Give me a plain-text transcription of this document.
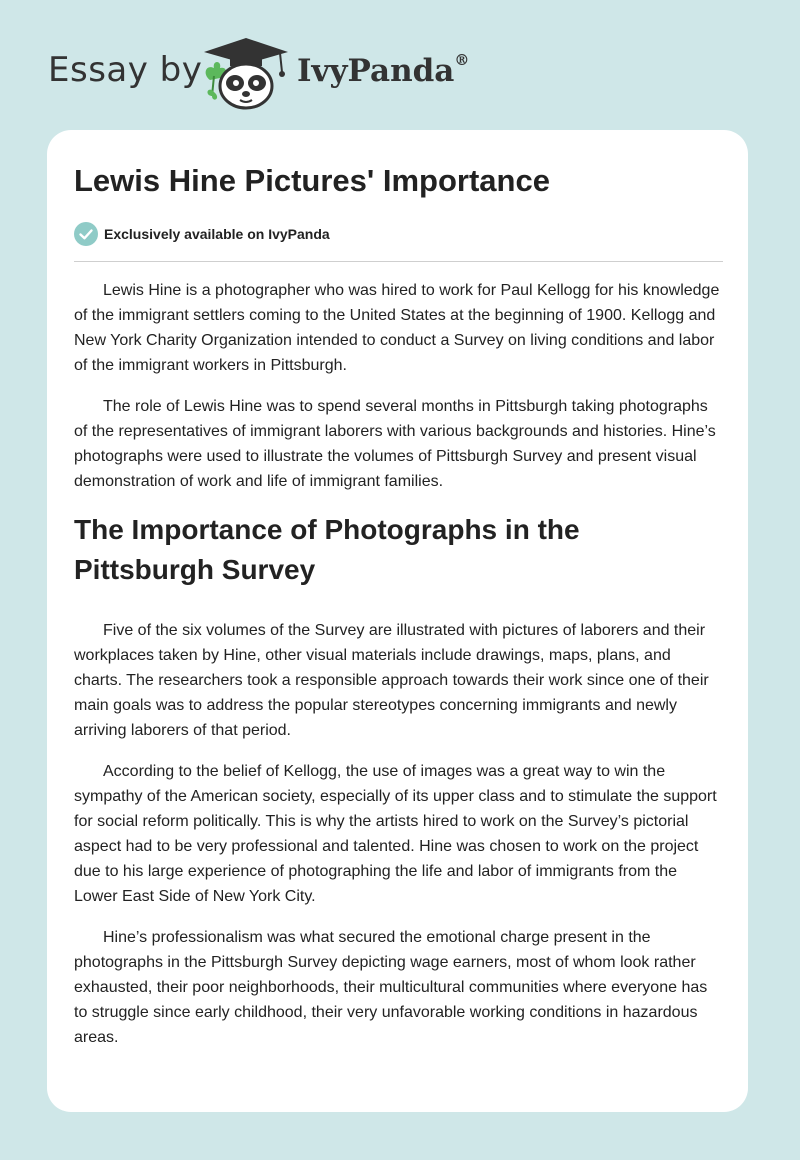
Essay by	IvyPanda®
Lewis Hine Pictures' Importance
Exclusively available on IvyPanda

Lewis Hine is a photographer who was hired to work for Paul Kellogg for his knowledge of the immigrant settlers coming to the United States at the beginning of 1900. Kellogg and New York Charity Organization intended to conduct a Survey on living conditions and labor of the immigrant workers in Pittsburgh.

The role of Lewis Hine was to spend several months in Pittsburgh taking photographs of the representatives of immigrant laborers with various backgrounds and histories. Hine’s photographs were used to illustrate the volumes of Pittsburgh Survey and present visual demonstration of work and life of immigrant families.

The Importance of Photographs in the Pittsburgh Survey

Five of the six volumes of the Survey are illustrated with pictures of laborers and their workplaces taken by Hine, other visual materials include drawings, maps, plans, and charts. The researchers took a responsible approach towards their work since one of their main goals was to address the popular stereotypes concerning immigrants and newly arriving laborers of that period.

According to the belief of Kellogg, the use of images was a great way to win the sympathy of the American society, especially of its upper class and to stimulate the support for social reform politically. This is why the artists hired to work on the Survey’s pictorial aspect had to be very professional and talented. Hine was chosen to work on the project due to his large experience of photographing the life and labor of immigrants from the Lower East Side of New York City.

Hine’s professionalism was what secured the emotional charge present in the photographs in the Pittsburgh Survey depicting wage earners, most of whom look rather exhausted, their poor neighborhoods, their multicultural communities where everyone has to struggle since early childhood, their very unfavorable working conditions in hazardous areas.
